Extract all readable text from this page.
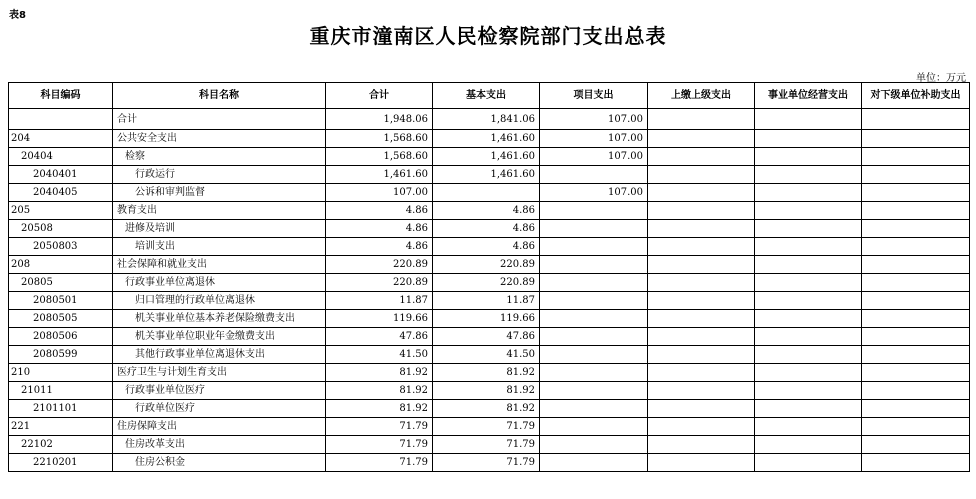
表8
重庆市潼南区人民检察院部门支出总表
单位：万元
科目编码	科目名称	合计	基本支出	项目支出	上缴上级支出	事业单位经营支出	对下级单位补助支出
	合计	1,948.06	1,841.06	107.00			
204	公共安全支出	1,568.60	1,461.60	107.00			
20404	检察	1,568.60	1,461.60	107.00			
2040401	行政运行	1,461.60	1,461.60				
2040405	公诉和审判监督	107.00		107.00			
205	教育支出	4.86	4.86				
20508	进修及培训	4.86	4.86				
2050803	培训支出	4.86	4.86				
208	社会保障和就业支出	220.89	220.89				
20805	行政事业单位离退休	220.89	220.89				
2080501	归口管理的行政单位离退休	11.87	11.87				
2080505	机关事业单位基本养老保险缴费支出	119.66	119.66				
2080506	机关事业单位职业年金缴费支出	47.86	47.86				
2080599	其他行政事业单位离退休支出	41.50	41.50				
210	医疗卫生与计划生育支出	81.92	81.92				
21011	行政事业单位医疗	81.92	81.92				
2101101	行政单位医疗	81.92	81.92				
221	住房保障支出	71.79	71.79				
22102	住房改革支出	71.79	71.79				
2210201	住房公积金	71.79	71.79				
